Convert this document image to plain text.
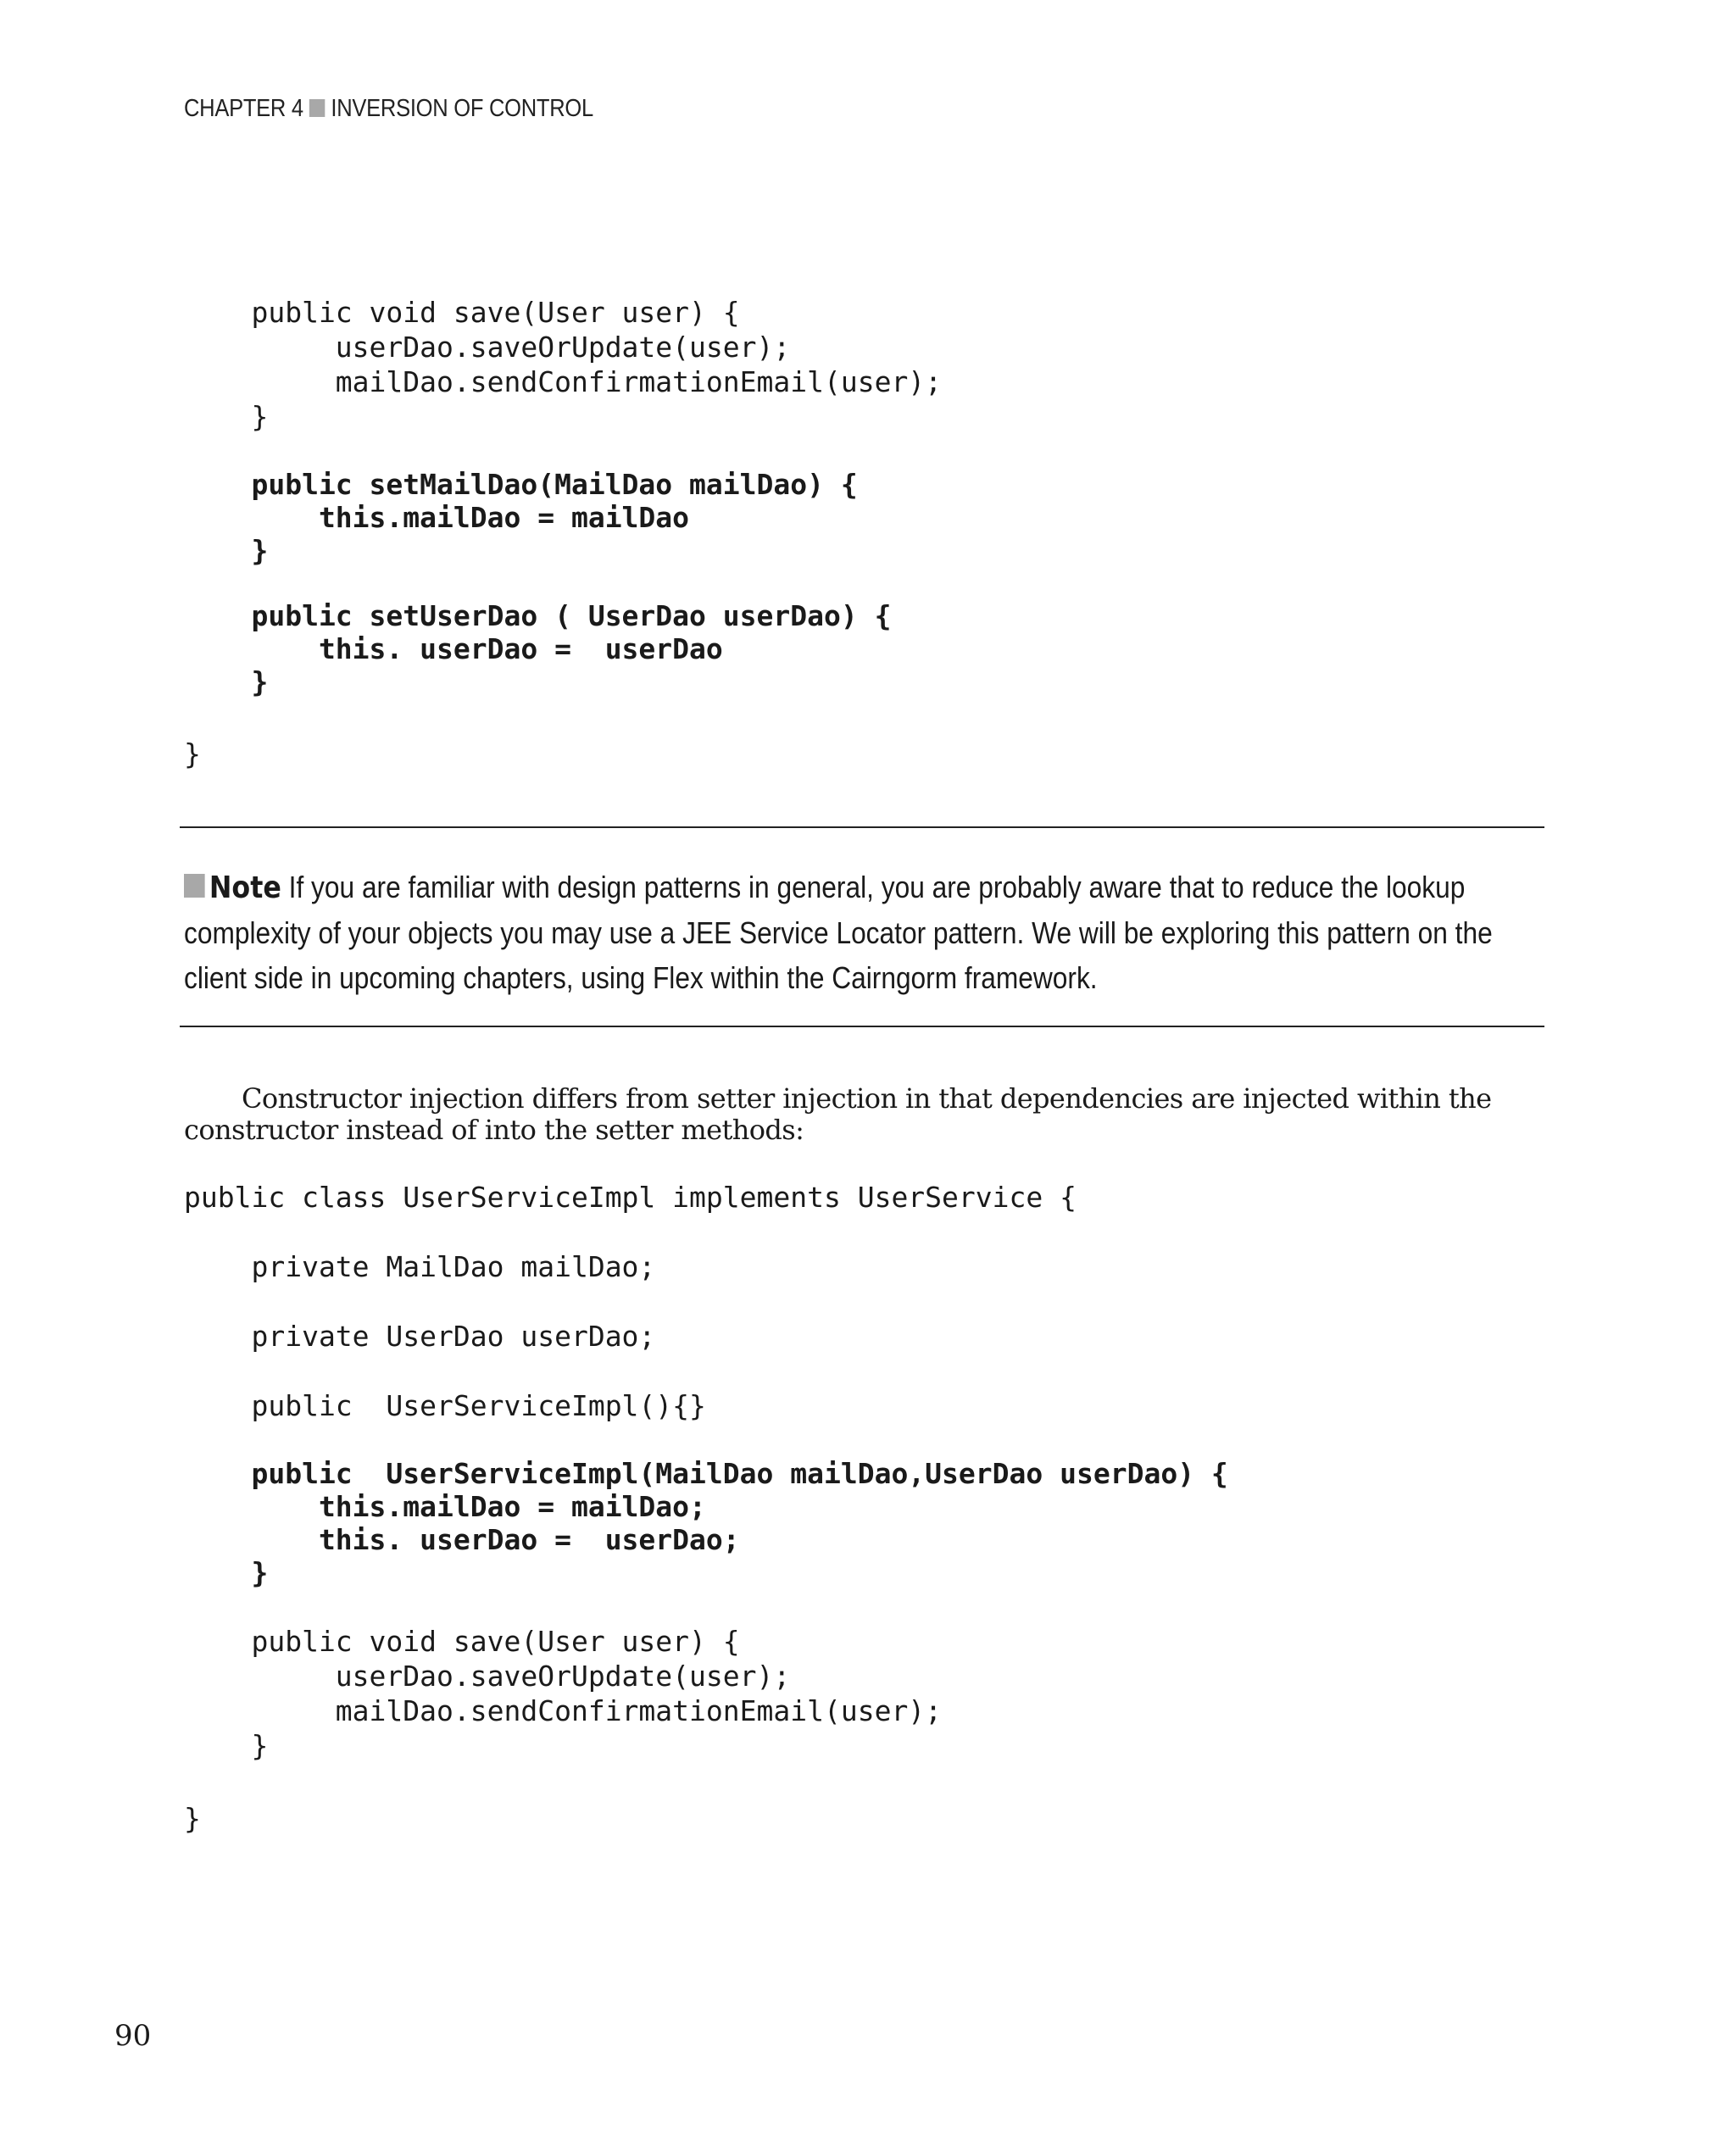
CHAPTER 4 INVERSION OF CONTROL
public void save(User user) {
userDao.saveOrUpdate(user);
mailDao.sendConfirmationEmail(user);
}

public setMailDao(MailDao mailDao) {
this.mailDao = mailDao
}

public setUserDao ( UserDao userDao) {
this. userDao =  userDao
}

}
Note If you are familiar with design patterns in general, you are probably aware that to reduce the lookup complexity of your objects you may use a JEE Service Locator pattern. We will be exploring this pattern on the client side in upcoming chapters, using Flex within the Cairngorm framework.
Constructor injection differs from setter injection in that dependencies are injected within the constructor instead of into the setter methods:
public class UserServiceImpl implements UserService {

private MailDao mailDao;

private UserDao userDao;

public  UserServiceImpl(){}

public  UserServiceImpl(MailDao mailDao,UserDao userDao) {
this.mailDao = mailDao;
this. userDao =  userDao;
}

public void save(User user) {
userDao.saveOrUpdate(user);
mailDao.sendConfirmationEmail(user);
}

}
90
